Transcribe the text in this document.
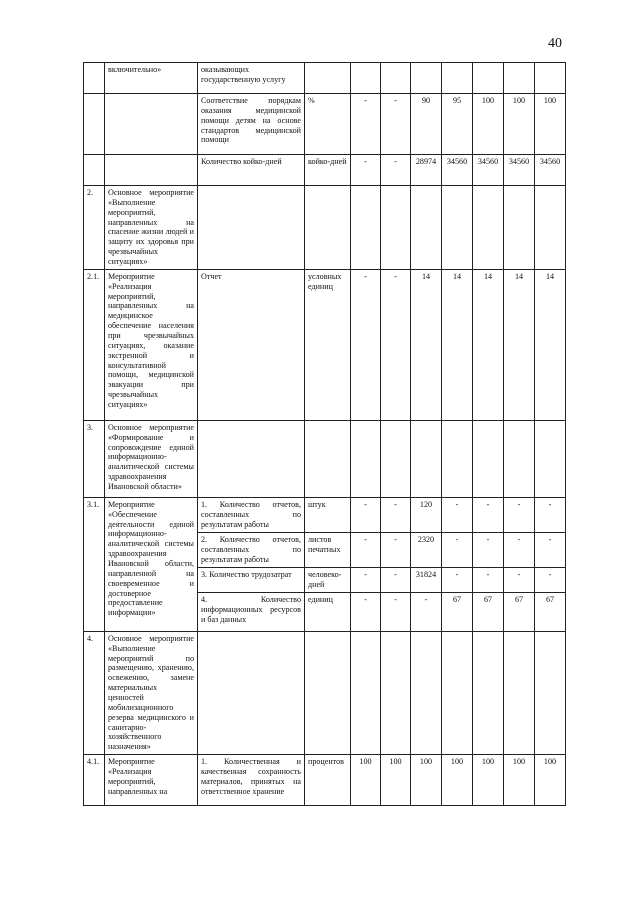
40
	включительно»	оказывающих государственную услугу								
		Соответствие порядкам оказания медицинской помощи детям на основе стандартов медицинской помощи	%	-	-	90	95	100	100	100
		Количество койко-дней	койко-дней	-	-	28974	34560	34560	34560	34560
2.	Основное мероприятие «Выполнение мероприятий, направленных на спасение жизни людей и защиту их здоровья при чрезвычайных ситуациях»									
2.1.	Мероприятие «Реализация мероприятий, направленных на медицинское обеспечение населения при чрезвычайных ситуациях, оказание экстренной и консультативной помощи, медицинской эвакуации при чрезвычайных ситуациях»	Отчет	условных единиц	-	-	14	14	14	14	14
3.	Основное мероприятие «Формирование и сопровождение единой информационно-аналитической системы здравоохранения Ивановской области»									
3.1.	Мероприятие «Обеспечение деятельности единой информационно-аналитической системы здравоохранения Ивановской области, направленной на своевременное и достоверное предоставление информации»	1. Количество отчетов, составленных по результатам работы	штук	-	-	120	-	-	-	-
		2. Количество отчетов, составленных по результатам работы	листов печатных	-	-	2320	-	-	-	-
		3. Количество трудозатрат	человеко-дней	-	-	31824	-	-	-	-
		4. Количество информационных ресурсов и баз данных	единиц	-	-	-	67	67	67	67
4.	Основное мероприятие «Выполнение мероприятий по размещению, хранению, освежению, замене материальных ценностей мобилизационного резерва медицинского и санитарно-хозяйственного назначения»									
4.1.	Мероприятие «Реализация мероприятий, направленных на	1. Количественная и качественная сохранность материалов, принятых на ответственное хранение	процентов	100	100	100	100	100	100	100
